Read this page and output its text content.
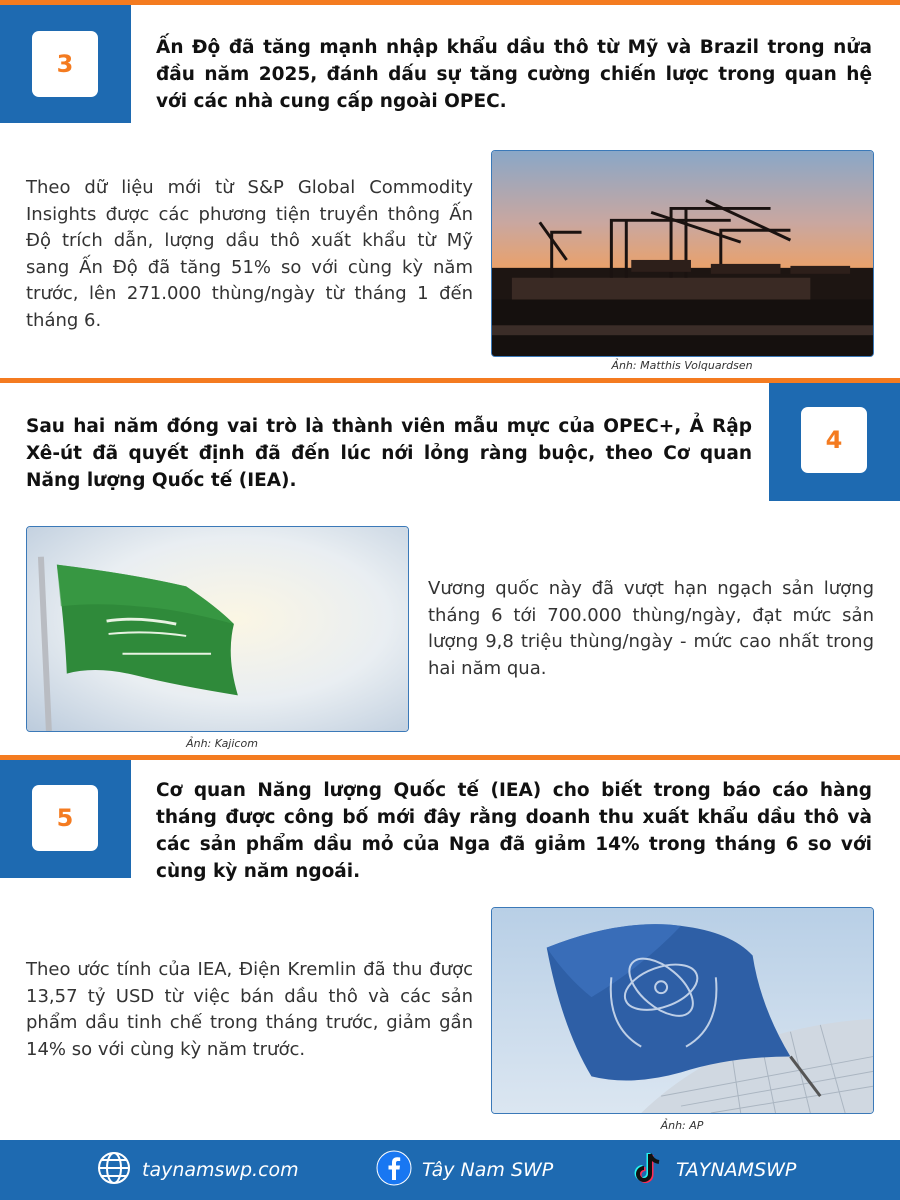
3
Ấn Độ đã tăng mạnh nhập khẩu dầu thô từ Mỹ và Brazil trong nửa đầu năm 2025, đánh dấu sự tăng cường chiến lược trong quan hệ với các nhà cung cấp ngoài OPEC.
Theo dữ liệu mới từ S&P Global Commodity Insights được các phương tiện truyền thông Ấn Độ trích dẫn, lượng dầu thô xuất khẩu từ Mỹ sang Ấn Độ đã tăng 51% so với cùng kỳ năm trước, lên 271.000 thùng/ngày từ tháng 1 đến tháng 6.
Ảnh: Matthis Volquardsen
4
Sau hai năm đóng vai trò là thành viên mẫu mực của OPEC+, Ả Rập Xê-út đã quyết định đã đến lúc nới lỏng ràng buộc, theo Cơ quan Năng lượng Quốc tế (IEA).
Ảnh: Kajicom
Vương quốc này đã vượt hạn ngạch sản lượng tháng 6 tới 700.000 thùng/ngày, đạt mức sản lượng 9,8 triệu thùng/ngày - mức cao nhất trong hai năm qua.
5
Cơ quan Năng lượng Quốc tế (IEA) cho biết trong báo cáo hàng tháng được công bố mới đây rằng doanh thu xuất khẩu dầu thô và các sản phẩm dầu mỏ của Nga đã giảm 14% trong tháng 6 so với cùng kỳ năm ngoái.
Theo ước tính của IEA, Điện Kremlin đã thu được 13,57 tỷ USD từ việc bán dầu thô và các sản phẩm dầu tinh chế trong tháng trước, giảm gần 14% so với cùng kỳ năm trước.
Ảnh: AP
taynamswp.com	Tây Nam SWP	TAYNAMSWP
